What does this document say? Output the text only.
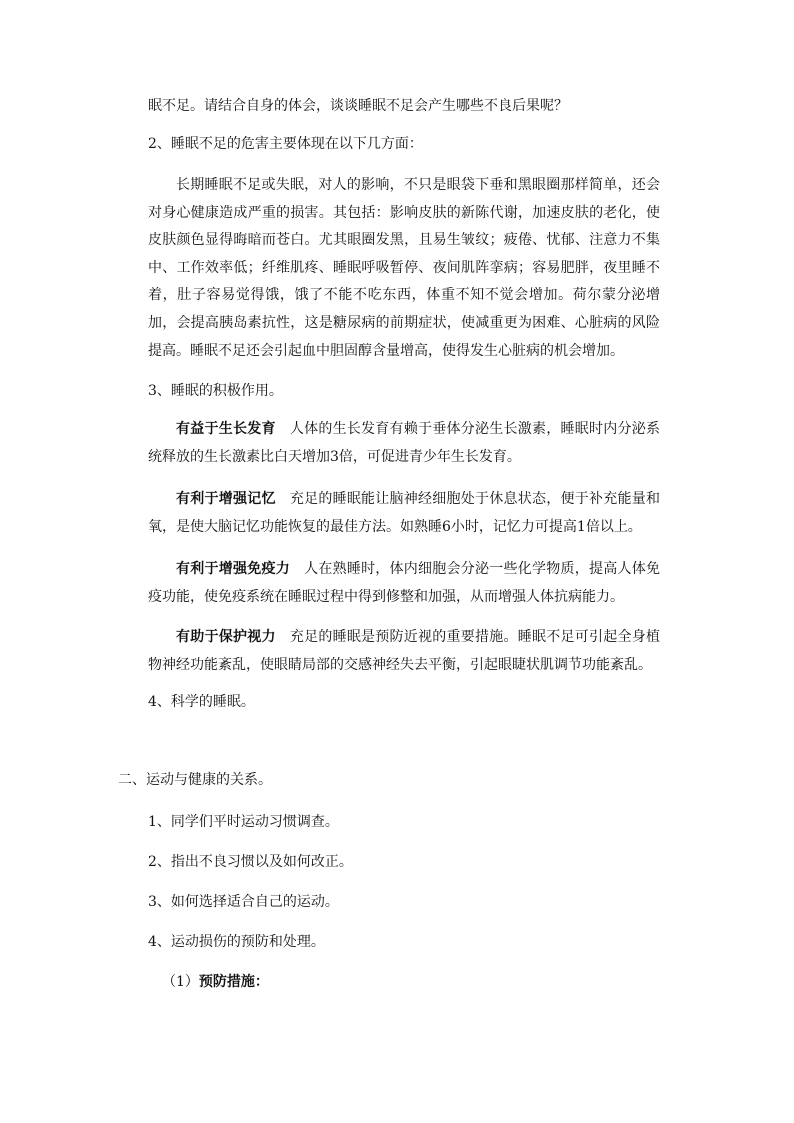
眠不足。请结合自身的体会，谈谈睡眠不足会产生哪些不良后果呢？
2、睡眠不足的危害主要体现在以下几方面：
长期睡眠不足或失眠，对人的影响，不只是眼袋下垂和黑眼圈那样简单，还会对身心健康造成严重的损害。其包括：影响皮肤的新陈代谢，加速皮肤的老化，使皮肤颜色显得晦暗而苍白。尤其眼圈发黑，且易生皱纹；疲倦、忧郁、注意力不集中、工作效率低；纤维肌疼、睡眠呼吸暂停、夜间肌阵挛病；容易肥胖，夜里睡不着，肚子容易觉得饿，饿了不能不吃东西，体重不知不觉会增加。荷尔蒙分泌增加，会提高胰岛素抗性，这是糖尿病的前期症状，使减重更为困难、心脏病的风险提高。睡眠不足还会引起血中胆固醇含量增高，使得发生心脏病的机会增加。
3、睡眠的积极作用。
有益于生长发育 人体的生长发育有赖于垂体分泌生长激素，睡眠时内分泌系统释放的生长激素比白天增加3倍，可促进青少年生长发育。
有利于增强记忆 充足的睡眠能让脑神经细胞处于休息状态，便于补充能量和氧，是使大脑记忆功能恢复的最佳方法。如熟睡6小时，记忆力可提高1倍以上。
有利于增强免疫力 人在熟睡时，体内细胞会分泌一些化学物质，提高人体免疫功能，使免疫系统在睡眠过程中得到修整和加强，从而增强人体抗病能力。
有助于保护视力 充足的睡眠是预防近视的重要措施。睡眠不足可引起全身植物神经功能紊乱，使眼睛局部的交感神经失去平衡，引起眼睫状肌调节功能紊乱。
4、科学的睡眠。
二、运动与健康的关系。
1、同学们平时运动习惯调查。
2、指出不良习惯以及如何改正。
3、如何选择适合自己的运动。
4、运动损伤的预防和处理。
（1）预防措施：
